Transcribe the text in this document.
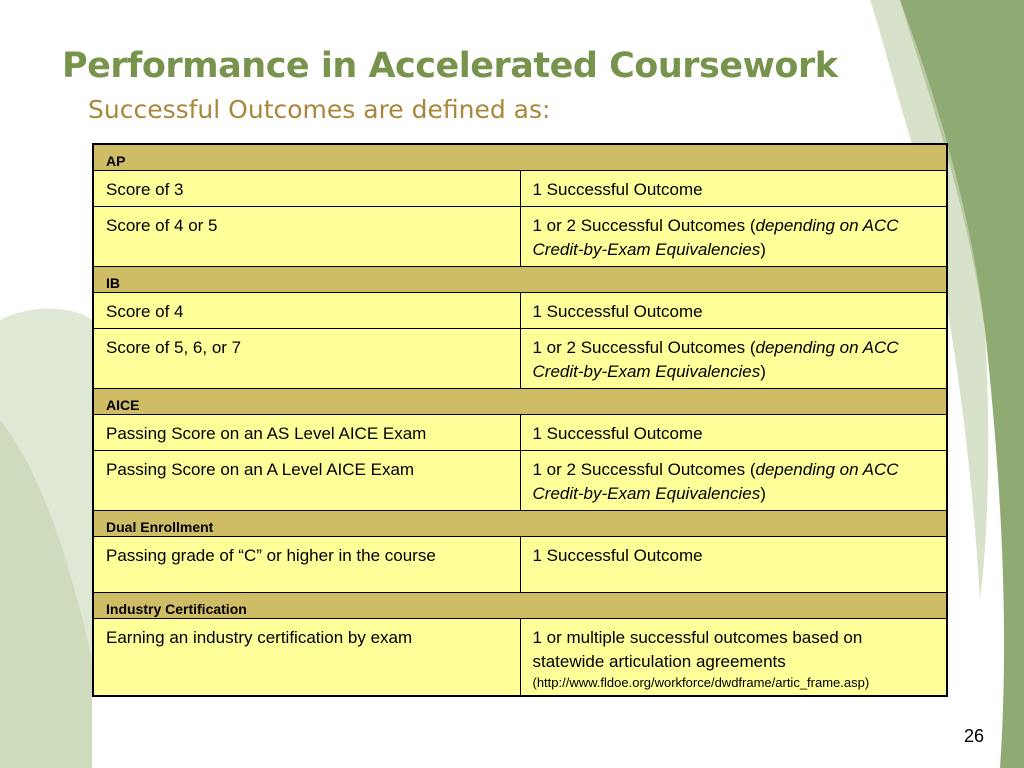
Performance in Accelerated Coursework
Successful Outcomes are defined as:
AP	
Score of 3	1 Successful Outcome
Score of 4 or 5	1 or 2 Successful Outcomes (depending on ACC Credit-by-Exam Equivalencies)
IB	
Score of 4	1 Successful Outcome
Score of 5, 6, or 7	1 or 2 Successful Outcomes (depending on ACC Credit-by-Exam Equivalencies)
AICE	
Passing Score on an AS Level AICE Exam	1 Successful Outcome
Passing Score on an A Level AICE Exam	1 or 2 Successful Outcomes (depending on ACC Credit-by-Exam Equivalencies)
Dual Enrollment	
Passing grade of “C” or higher in the course	1 Successful Outcome
Industry Certification	
Earning an industry certification by exam	1 or multiple successful outcomes based on statewide articulation agreements
(http://www.fldoe.org/workforce/dwdframe/artic_frame.asp)
26
